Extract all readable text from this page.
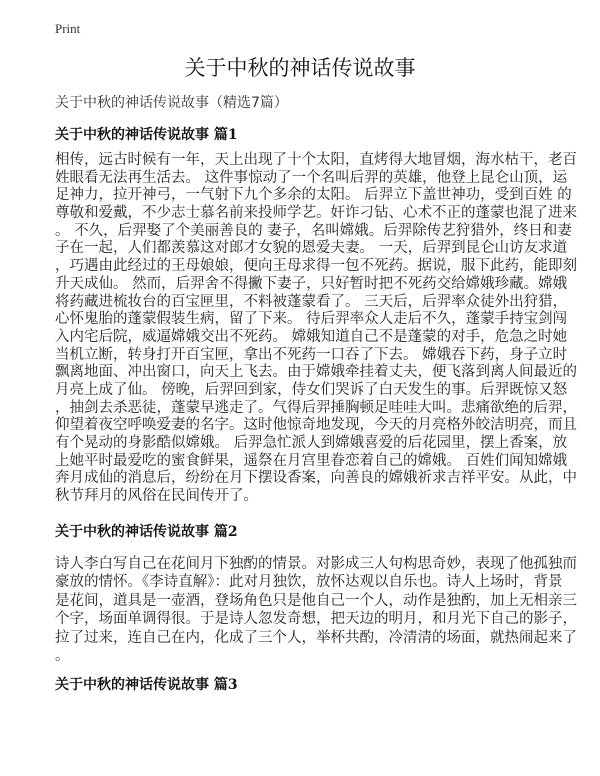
Print
关于中秋的神话传说故事
关于中秋的神话传说故事（精选7篇）
关于中秋的神话传说故事 篇1
相传，远古时候有一年，天上出现了十个太阳，直烤得大地冒烟，海水枯干，老百
姓眼看无法再生活去。 这件事惊动了一个名叫后羿的英雄，他登上昆仑山顶，运
足神力，拉开神弓，一气射下九个多余的太阳。 后羿立下盖世神功，受到百姓 的
尊敬和爱戴，不少志士慕名前来投师学艺。奸诈刁钻、心术不正的蓬蒙也混了进来
。 不久，后羿娶了个美丽善良的 妻子，名叫嫦娥。后羿除传艺狩猎外，终日和妻
子在一起，人们都羡慕这对郎才女貌的恩爱夫妻。 一天，后羿到昆仑山访友求道
，巧遇由此经过的王母娘娘，便向王母求得一包不死药。据说，服下此药，能即刻
升天成仙。 然而，后羿舍不得撇下妻子，只好暂时把不死药交给嫦娥珍藏。嫦娥
将药藏进梳妆台的百宝匣里，不料被蓬蒙看了。 三天后，后羿率众徒外出狩猎，
心怀鬼胎的蓬蒙假装生病，留了下来。 待后羿率众人走后不久，蓬蒙手持宝剑闯
入内宅后院，威逼嫦娥交出不死药。 嫦娥知道自己不是蓬蒙的对手，危急之时她
当机立断，转身打开百宝匣，拿出不死药一口吞了下去。 嫦娥吞下药，身子立时
飘离地面、冲出窗口，向天上飞去。由于嫦娥牵挂着丈夫，便飞落到离人间最近的
月亮上成了仙。 傍晚，后羿回到家，侍女们哭诉了白天发生的事。后羿既惊又怒
，抽剑去杀恶徒，蓬蒙早逃走了。气得后羿捶胸顿足哇哇大叫。悲痛欲绝的后羿，
仰望着夜空呼唤爱妻的名字。这时他惊奇地发现，今天的月亮格外皎洁明亮，而且
有个晃动的身影酷似嫦娥。 后羿急忙派人到嫦娥喜爱的后花园里，摆上香案，放
上她平时最爱吃的蜜食鲜果，遥祭在月宫里眷恋着自己的嫦娥。 百姓们闻知嫦娥
奔月成仙的消息后，纷纷在月下摆设香案，向善良的嫦娥祈求吉祥平安。从此，中
秋节拜月的风俗在民间传开了。
关于中秋的神话传说故事 篇2
诗人李白写自己在花间月下独酌的情景。对影成三人句构思奇妙，表现了他孤独而
豪放的情怀。《李诗直解》：此对月独饮，放怀达观以自乐也。诗人上场时，背景
是花间，道具是一壶酒，登场角色只是他自己一个人，动作是独酌，加上无相亲三
个字，场面单调得很。于是诗人忽发奇想，把天边的明月，和月光下自己的影子，
拉了过来，连自己在内，化成了三个人，举杯共酌，冷清清的场面，就热闹起来了
。
关于中秋的神话传说故事 篇3
